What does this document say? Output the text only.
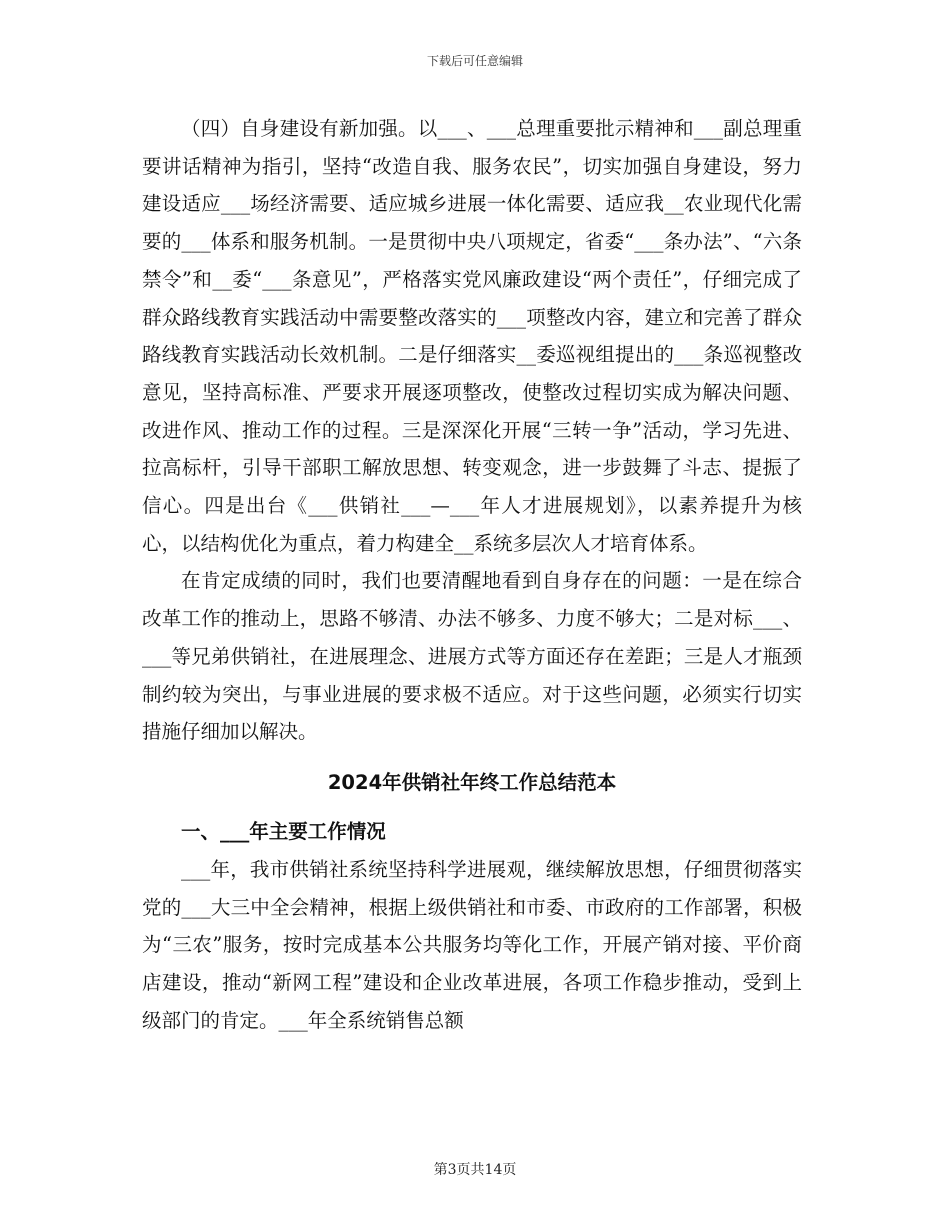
下载后可任意编辑

（四）自身建设有新加强。以___、___总理重要批示精神和___副总理重要讲话精神为指引，坚持“改造自我、服务农民”，切实加强自身建设，努力建设适应___场经济需要、适应城乡进展一体化需要、适应我__农业现代化需要的___体系和服务机制。一是贯彻中央八项规定，省委“___条办法”、“六条禁令”和__委“___条意见”，严格落实党风廉政建设“两个责任”，仔细完成了群众路线教育实践活动中需要整改落实的___项整改内容，建立和完善了群众路线教育实践活动长效机制。二是仔细落实__委巡视组提出的___条巡视整改意见，坚持高标准、严要求开展逐项整改，使整改过程切实成为解决问题、改进作风、推动工作的过程。三是深深化开展“三转一争”活动，学习先进、拉高标杆，引导干部职工解放思想、转变观念，进一步鼓舞了斗志、提振了信心。四是出台《___供销社___—___年人才进展规划》，以素养提升为核心，以结构优化为重点，着力构建全__系统多层次人才培育体系。

在肯定成绩的同时，我们也要清醒地看到自身存在的问题：一是在综合改革工作的推动上，思路不够清、办法不够多、力度不够大；二是对标___、___等兄弟供销社，在进展理念、进展方式等方面还存在差距；三是人才瓶颈制约较为突出，与事业进展的要求极不适应。对于这些问题，必须实行切实措施仔细加以解决。

2024年供销社年终工作总结范本
一、___年主要工作情况

___年，我市供销社系统坚持科学进展观，继续解放思想，仔细贯彻落实党的___大三中全会精神，根据上级供销社和市委、市政府的工作部署，积极为“三农”服务，按时完成基本公共服务均等化工作，开展产销对接、平价商店建设，推动“新网工程”建设和企业改革进展，各项工作稳步推动，受到上级部门的肯定。___年全系统销售总额

第3页共14页
